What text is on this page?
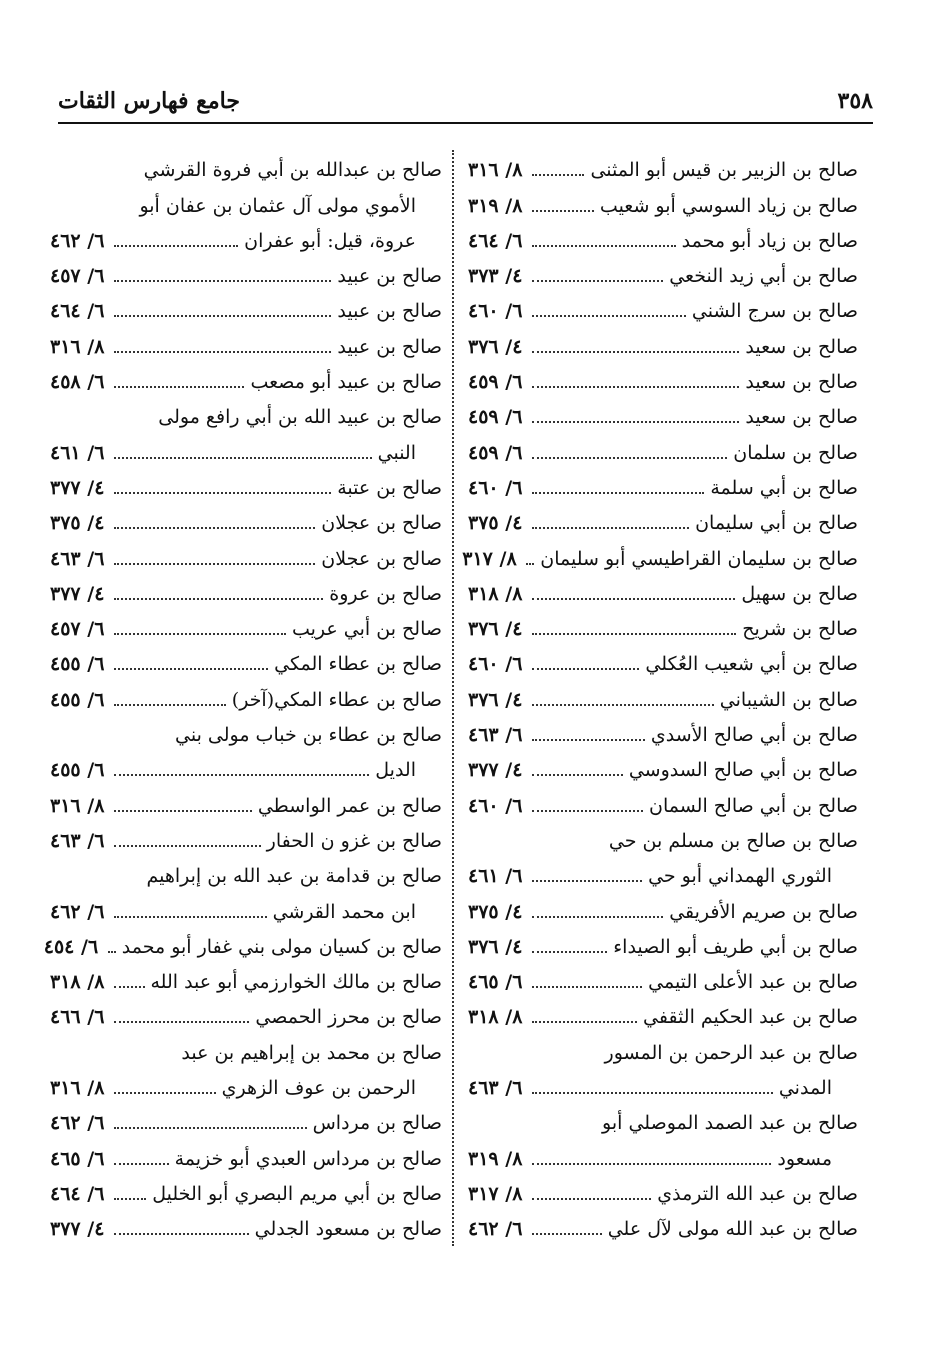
٣٥٨
جامع فهارس الثقات
صالح بن الزبير بن قيس أبو المثنى
٨/ ٣١٦
صالح بن زياد السوسي أبو شعيب
٨/ ٣١٩
صالح بن زياد أبو محمد
٦/ ٤٦٤
صالح بن أبي زيد النخعي
٤/ ٣٧٣
صالح بن سرج الشني
٦/ ٤٦٠
صالح بن سعيد
٤/ ٣٧٦
صالح بن سعيد
٦/ ٤٥٩
صالح بن سعيد
٦/ ٤٥٩
صالح بن سلمان
٦/ ٤٥٩
صالح بن أبي سلمة
٦/ ٤٦٠
صالح بن أبي سليمان
٤/ ٣٧٥
صالح بن سليمان القراطيسي أبو سليمان
٨/ ٣١٧
صالح بن سهيل
٨/ ٣١٨
صالح بن شريح
٤/ ٣٧٦
صالح بن أبي شعيب العُكلي
٦/ ٤٦٠
صالح بن الشيباني
٤/ ٣٧٦
صالح بن أبي صالح الأسدي
٦/ ٤٦٣
صالح بن أبي صالح السدوسي
٤/ ٣٧٧
صالح بن أبي صالح السمان
٦/ ٤٦٠
صالح بن صالح بن مسلم بن حي
الثوري الهمداني أبو حي
٦/ ٤٦١
صالح بن صريم الأفريقي
٤/ ٣٧٥
صالح بن أبي طريف أبو الصيداء
٤/ ٣٧٦
صالح بن عبد الأعلى التيمي
٦/ ٤٦٥
صالح بن عبد الحكيم الثقفي
٨/ ٣١٨
صالح بن عبد الرحمن بن المسور
المدني
٦/ ٤٦٣
صالح بن عبد الصمد الموصلي أبو
مسعود
٨/ ٣١٩
صالح بن عبد الله الترمذي
٨/ ٣١٧
صالح بن عبد الله مولى لآل علي
٦/ ٤٦٢
صالح بن عبدالله بن أبي فروة القرشي
الأموي مولى آل عثمان بن عفان أبو
عروة، قيل: أبو عفران
٦/ ٤٦٢
صالح بن عبيد
٦/ ٤٥٧
صالح بن عبيد
٦/ ٤٦٤
صالح بن عبيد
٨/ ٣١٦
صالح بن عبيد أبو مصعب
٦/ ٤٥٨
صالح بن عبيد الله بن أبي رافع مولى
النبي
٦/ ٤٦١
صالح بن عتبة
٤/ ٣٧٧
صالح بن عجلان
٤/ ٣٧٥
صالح بن عجلان
٦/ ٤٦٣
صالح بن عروة
٤/ ٣٧٧
صالح بن أبي عريب
٦/ ٤٥٧
صالح بن عطاء المكي
٦/ ٤٥٥
صالح بن عطاء المكي(آخر)
٦/ ٤٥٥
صالح بن عطاء بن خباب مولى بني
الديل
٦/ ٤٥٥
صالح بن عمر الواسطي
٨/ ٣١٦
صالح بن غزو ن الحفار
٦/ ٤٦٣
صالح بن قدامة بن عبد الله بن إبراهيم
ابن محمد القرشي
٦/ ٤٦٢
صالح بن كسيان مولى بني غفار أبو محمد
٦/ ٤٥٤
صالح بن مالك الخوارزمي أبو عبد الله
٨/ ٣١٨
صالح بن محرز الحمصي
٦/ ٤٦٦
صالح بن محمد بن إبراهيم بن عبد
الرحمن بن عوف الزهري
٨/ ٣١٦
صالح بن مرداس
٦/ ٤٦٢
صالح بن مرداس العبدي أبو خزيمة
٦/ ٤٦٥
صالح بن أبي مريم البصري أبو الخليل
٦/ ٤٦٤
صالح بن مسعود الجدلي
٤/ ٣٧٧
